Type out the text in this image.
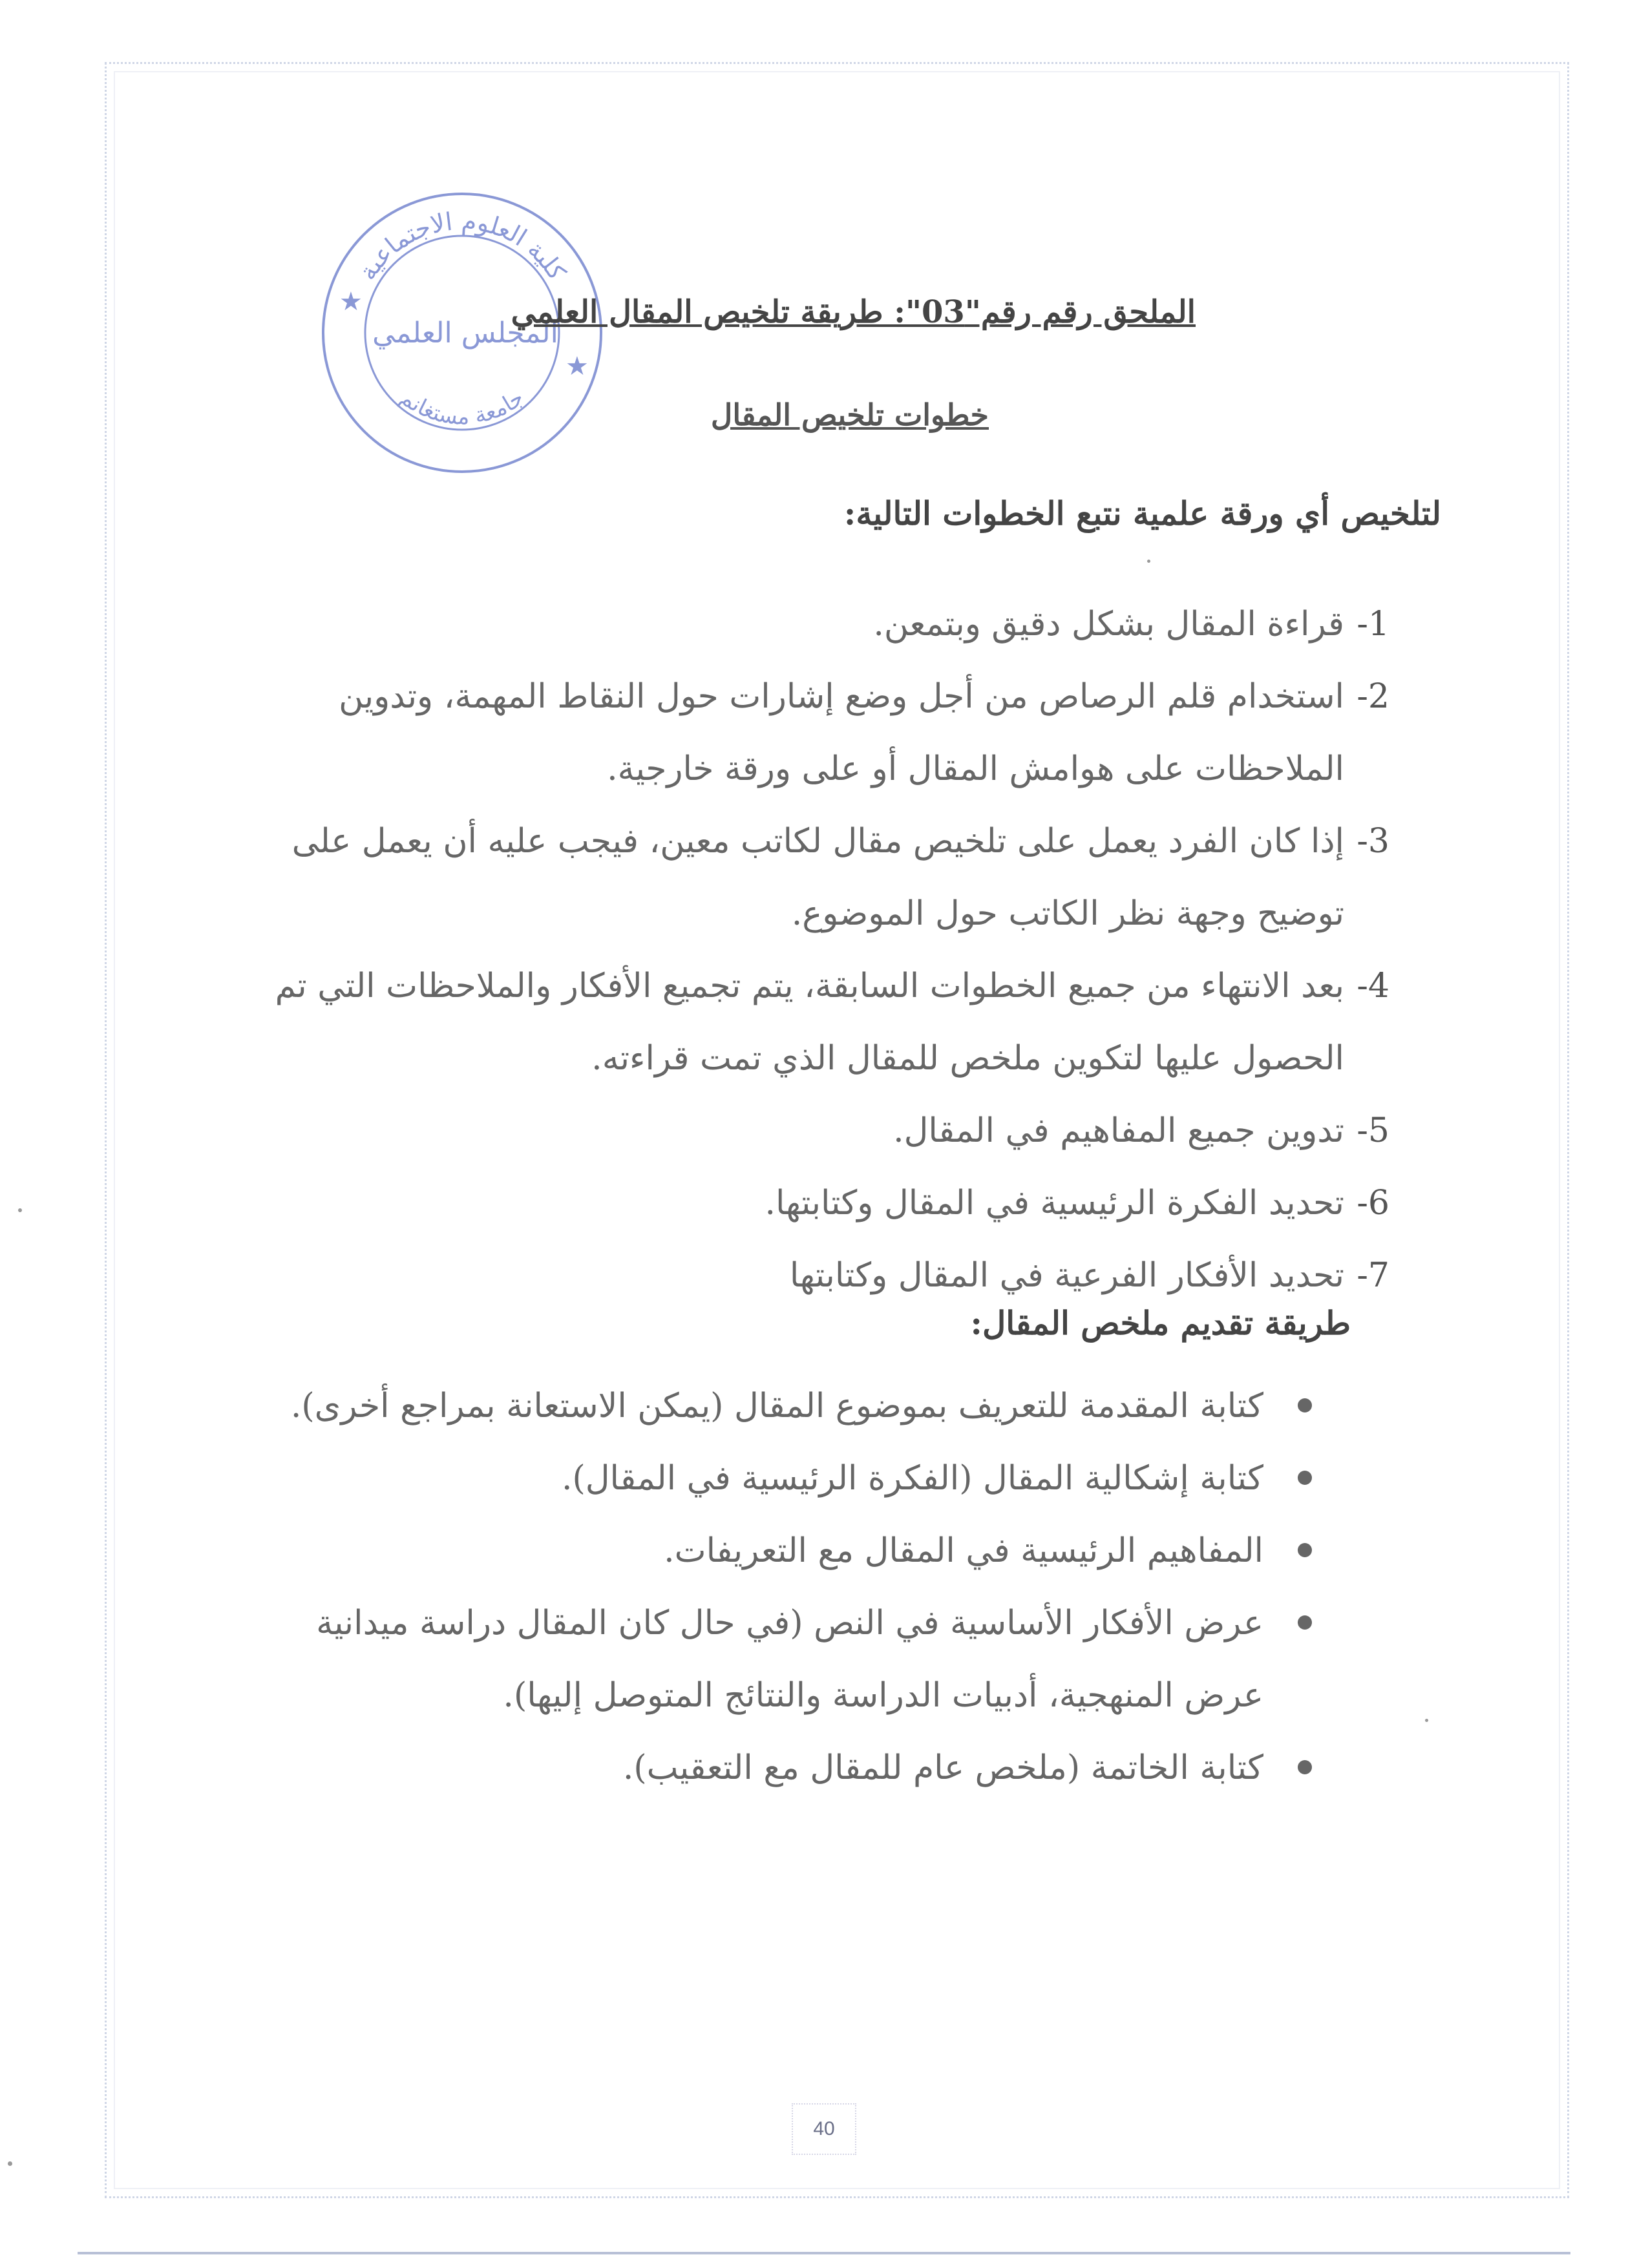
كلية العلوم الاجتماعية
جامعة مستغانم
المجلس العلمي
★
★
الملحق رقم رقم"03": طريقة تلخيص المقال العلمي
خطوات تلخيص المقال
لتلخيص أي ورقة علمية نتبع الخطوات التالية:
1-قراءة المقال بشكل دقيق وبتمعن.
2-استخدام قلم الرصاص من أجل وضع إشارات حول النقاط المهمة، وتدوين
الملاحظات على هوامش المقال أو على ورقة خارجية.
3-إذا كان الفرد يعمل على تلخيص مقال لكاتب معين، فيجب عليه أن يعمل على
توضيح وجهة نظر الكاتب حول الموضوع.
4-بعد الانتهاء من جميع الخطوات السابقة، يتم تجميع الأفكار والملاحظات التي تم
الحصول عليها لتكوين ملخص للمقال الذي تمت قراءته.
5-تدوين جميع المفاهيم في المقال.
6-تحديد الفكرة الرئيسية في المقال وكتابتها.
7-تحديد الأفكار الفرعية في المقال وكتابتها
طريقة تقديم ملخص المقال:
كتابة المقدمة للتعريف بموضوع المقال (يمكن الاستعانة بمراجع أخرى).
كتابة إشكالية المقال (الفكرة الرئيسية في المقال).
المفاهيم الرئيسية في المقال مع التعريفات.
عرض الأفكار الأساسية في النص (في حال كان المقال دراسة ميدانية
عرض المنهجية، أدبيات الدراسة والنتائج المتوصل إليها).
كتابة الخاتمة (ملخص عام للمقال مع التعقيب).
40
